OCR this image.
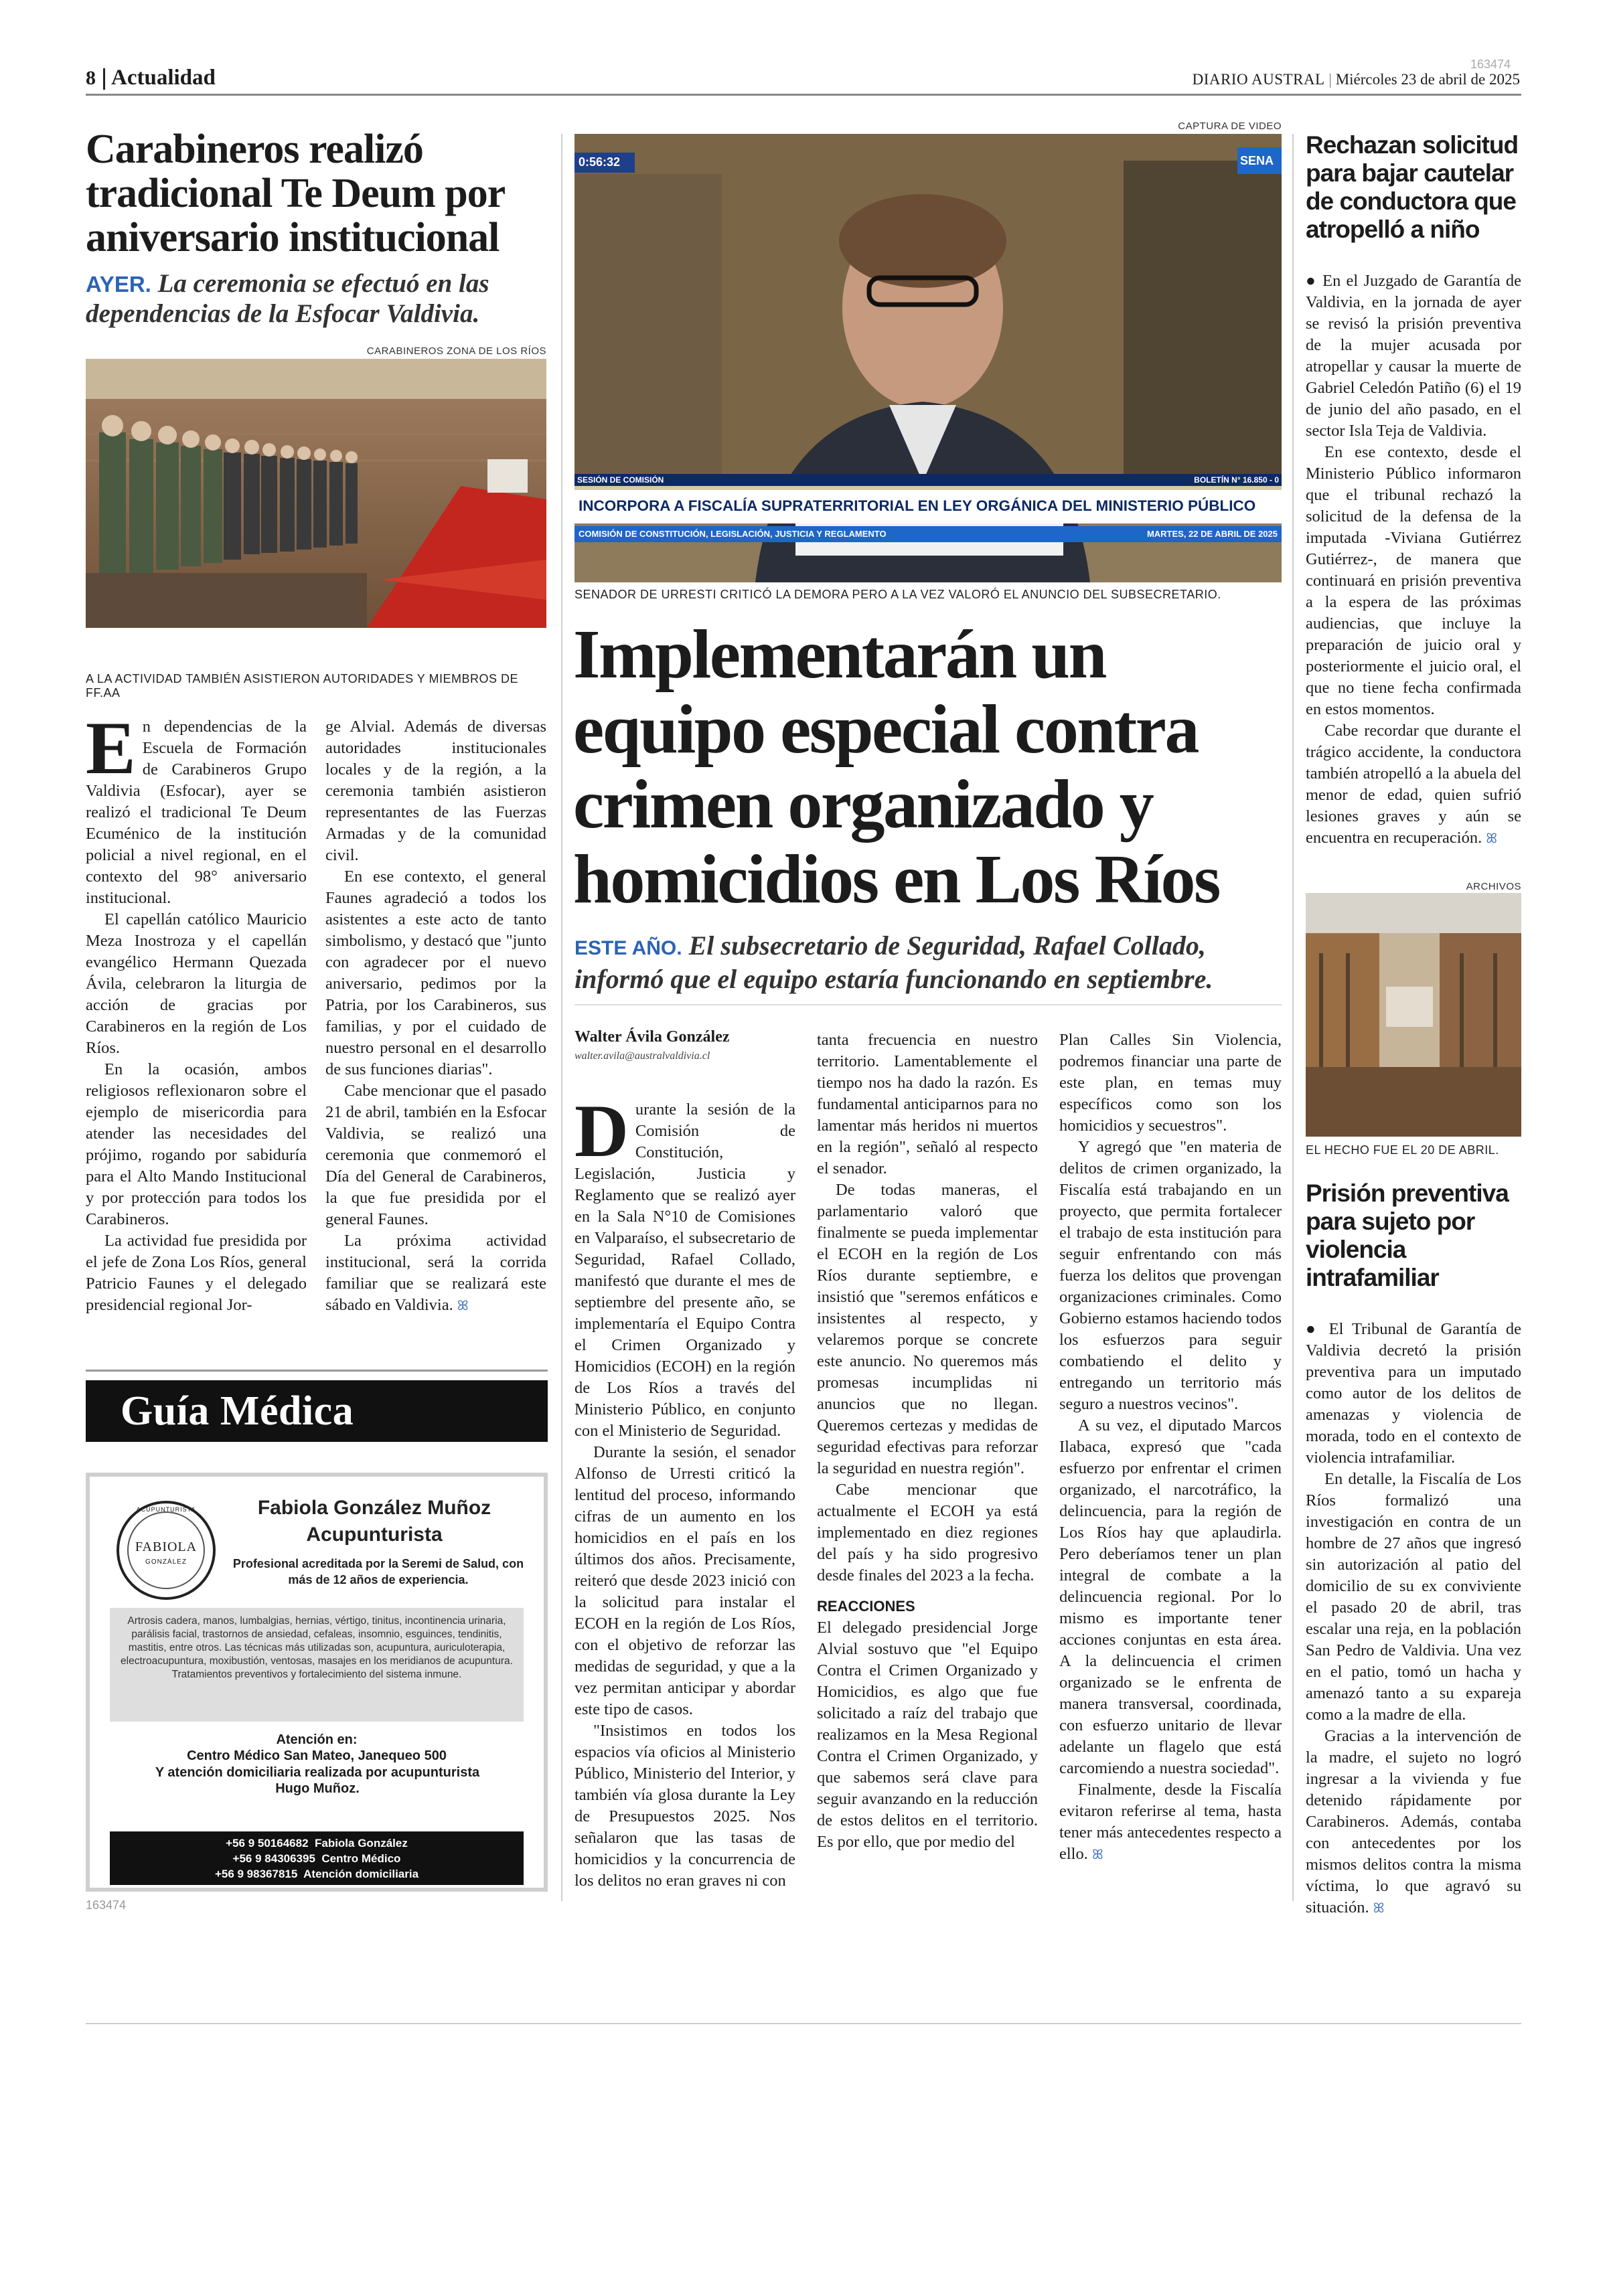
8 Actualidad
163474
DIARIO AUSTRAL | Miércoles 23 de abril de 2025
Carabineros realizó tradicional Te Deum por aniversario institucional
AYER. La ceremonia se efectuó en las dependencias de la Esfocar Valdivia.
CARABINEROS ZONA DE LOS RÍOS
A LA ACTIVIDAD TAMBIÉN ASISTIERON AUTORIDADES Y MIEMBROS DE FF.AA
E n dependencias de la Escuela de Formación de Carabineros Grupo Valdivia (Esfocar), ayer se realizó el tradicional Te Deum Ecuménico de la institución policial a nivel regional, en el contexto del 98° aniversario institucional.

El capellán católico Mauricio Meza Inostroza y el capellán evangélico Hermann Quezada Ávila, celebraron la liturgia de acción de gracias por Carabineros en la región de Los Ríos.

En la ocasión, ambos religiosos reflexionaron sobre el ejemplo de misericordia para atender las necesidades del prójimo, rogando por sabiduría para el Alto Mando Institucional y por protección para todos los Carabineros.

La actividad fue presidida por el jefe de Zona Los Ríos, general Patricio Faunes y el delegado presidencial regional Jor-

ge Alvial. Además de diversas autoridades institucionales locales y de la región, a la ceremonia también asistieron representantes de las Fuerzas Armadas y de la comunidad civil.

En ese contexto, el general Faunes agradeció a todos los asistentes a este acto de tanto simbolismo, y destacó que "junto con agradecer por el nuevo aniversario, pedimos por la Patria, por los Carabineros, sus familias, y por el cuidado de nuestro personal en el desarrollo de sus funciones diarias".

Cabe mencionar que el pasado 21 de abril, también en la Esfocar Valdivia, se realizó una ceremonia que conmemoró el Día del General de Carabineros, la que fue presidida por el general Faunes.

La próxima actividad institucional, será la corrida familiar que se realizará este sábado en Valdivia. ꕤ

Guía Médica
ACUPUNTURISTA
FABIOLA
GONZÁLEZ
Fabiola González Muñoz
Acupunturista
Profesional acreditada por la Seremi de Salud, con más de 12 años de experiencia.
Artrosis cadera, manos, lumbalgias, hernias, vértigo, tinitus, incontinencia urinaria, parálisis facial, trastornos de ansiedad, cefaleas, insomnio, esguinces, tendinitis, mastitis, entre otros. Las técnicas más utilizadas son, acupuntura, auriculoterapia, electroacupuntura, moxibustión, ventosas, masajes en los meridianos de acupuntura.
Tratamientos preventivos y fortalecimiento del sistema inmune.
Atención en:
Centro Médico San Mateo, Janequeo 500
Y atención domiciliaria realizada por acupunturista Hugo Muñoz.
+56 9 50164682  Fabiola González
+56 9 84306395  Centro Médico
+56 9 98367815  Atención domiciliaria
163474
CAPTURA DE VIDEO
0:56:32	SENA
SESIÓN DE COMISIÓN	BOLETÍN N° 16.850 - 0
INCORPORA A FISCALÍA SUPRATERRITORIAL EN LEY ORGÁNICA DEL MINISTERIO PÚBLICO
COMISIÓN DE CONSTITUCIÓN, LEGISLACIÓN, JUSTICIA Y REGLAMENTO	MARTES, 22 DE ABRIL DE 2025
SENADOR DE URRESTI CRITICÓ LA DEMORA PERO A LA VEZ VALORÓ EL ANUNCIO DEL SUBSECRETARIO.
Implementarán un equipo especial contra crimen organizado y homicidios en Los Ríos
ESTE AÑO. El subsecretario de Seguridad, Rafael Collado, informó que el equipo estaría funcionando en septiembre.
Walter Ávila González
walter.avila@australvaldivia.cl
D urante la sesión de la Comisión de Constitución, Legislación, Justicia y Reglamento que se realizó ayer en la Sala N°10 de Comisiones en Valparaíso, el subsecretario de Seguridad, Rafael Collado, manifestó que durante el mes de septiembre del presente año, se implementaría el Equipo Contra el Crimen Organizado y Homicidios (ECOH) en la región de Los Ríos a través del Ministerio Público, en conjunto con el Ministerio de Seguridad.

Durante la sesión, el senador Alfonso de Urresti criticó la lentitud del proceso, informando cifras de un aumento en los homicidios en el país en los últimos dos años. Precisamente, reiteró que desde 2023 inició con la solicitud para instalar el ECOH en la región de Los Ríos, con el objetivo de reforzar las medidas de seguridad, y que a la vez permitan anticipar y abordar este tipo de casos.

"Insistimos en todos los espacios vía oficios al Ministerio Público, Ministerio del Interior, y también vía glosa durante la Ley de Presupuestos 2025. Nos señalaron que las tasas de homicidios y la concurrencia de los delitos no eran graves ni con

tanta frecuencia en nuestro territorio. Lamentablemente el tiempo nos ha dado la razón. Es fundamental anticiparnos para no lamentar más heridos ni muertos en la región", señaló al respecto el senador.

De todas maneras, el parlamentario valoró que finalmente se pueda implementar el ECOH en la región de Los Ríos durante septiembre, e insistió que "seremos enfáticos e insistentes al respecto, y velaremos porque se concrete este anuncio. No queremos más promesas incumplidas ni anuncios que no llegan. Queremos certezas y medidas de seguridad efectivas para reforzar la seguridad en nuestra región".

Cabe mencionar que actualmente el ECOH ya está implementado en diez regiones del país y ha sido progresivo desde finales del 2023 a la fecha.

REACCIONES

El delegado presidencial Jorge Alvial sostuvo que "el Equipo Contra el Crimen Organizado y Homicidios, es algo que fue solicitado a raíz del trabajo que realizamos en la Mesa Regional Contra el Crimen Organizado, y que sabemos será clave para seguir avanzando en la reducción de estos delitos en el territorio. Es por ello, que por medio del

Plan Calles Sin Violencia, podremos financiar una parte de este plan, en temas muy específicos como son los homicidios y secuestros".

Y agregó que "en materia de delitos de crimen organizado, la Fiscalía está trabajando en un proyecto, que permita fortalecer el trabajo de esta institución para seguir enfrentando con más fuerza los delitos que provengan organizaciones criminales. Como Gobierno estamos haciendo todos los esfuerzos para seguir combatiendo el delito y entregando un territorio más seguro a nuestros vecinos".

A su vez, el diputado Marcos Ilabaca, expresó que "cada esfuerzo por enfrentar el crimen organizado, el narcotráfico, la delincuencia, para la región de Los Ríos hay que aplaudirla. Pero deberíamos tener un plan integral de combate a la delincuencia regional. Por lo mismo es importante tener acciones conjuntas en esta área. A la delincuencia el crimen organizado se le enfrenta de manera transversal, coordinada, con esfuerzo unitario de llevar adelante un flagelo que está carcomiendo a nuestra sociedad".

Finalmente, desde la Fiscalía evitaron referirse al tema, hasta tener más antecedentes respecto a ello. ꕤ

Rechazan solicitud para bajar cautelar de conductora que atropelló a niño

● En el Juzgado de Garantía de Valdivia, en la jornada de ayer se revisó la prisión preventiva de la mujer acusada por atropellar y causar la muerte de Gabriel Celedón Patiño (6) el 19 de junio del año pasado, en el sector Isla Teja de Valdivia.

En ese contexto, desde el Ministerio Público informaron que el tribunal rechazó la solicitud de la defensa de la imputada -Viviana Gutiérrez Gutiérrez-, de manera que continuará en prisión preventiva a la espera de las próximas audiencias, que incluye la preparación de juicio oral y posteriormente el juicio oral, el que no tiene fecha confirmada en estos momentos.

Cabe recordar que durante el trágico accidente, la conductora también atropelló a la abuela del menor de edad, quien sufrió lesiones graves y aún se encuentra en recuperación. ꕤ

ARCHIVOS
EL HECHO FUE EL 20 DE ABRIL.
Prisión preventiva para sujeto por violencia intrafamiliar

● El Tribunal de Garantía de Valdivia decretó la prisión preventiva para un imputado como autor de los delitos de amenazas y violencia de morada, todo en el contexto de violencia intrafamiliar.

En detalle, la Fiscalía de Los Ríos formalizó una investigación en contra de un hombre de 27 años que ingresó sin autorización al patio del domicilio de su ex conviviente el pasado 20 de abril, tras escalar una reja, en la población San Pedro de Valdivia. Una vez en el patio, tomó un hacha y amenazó tanto a su expareja como a la madre de ella.

Gracias a la intervención de la madre, el sujeto no logró ingresar a la vivienda y fue detenido rápidamente por Carabineros. Además, contaba con antecedentes por los mismos delitos contra la misma víctima, lo que agravó su situación. ꕤ
